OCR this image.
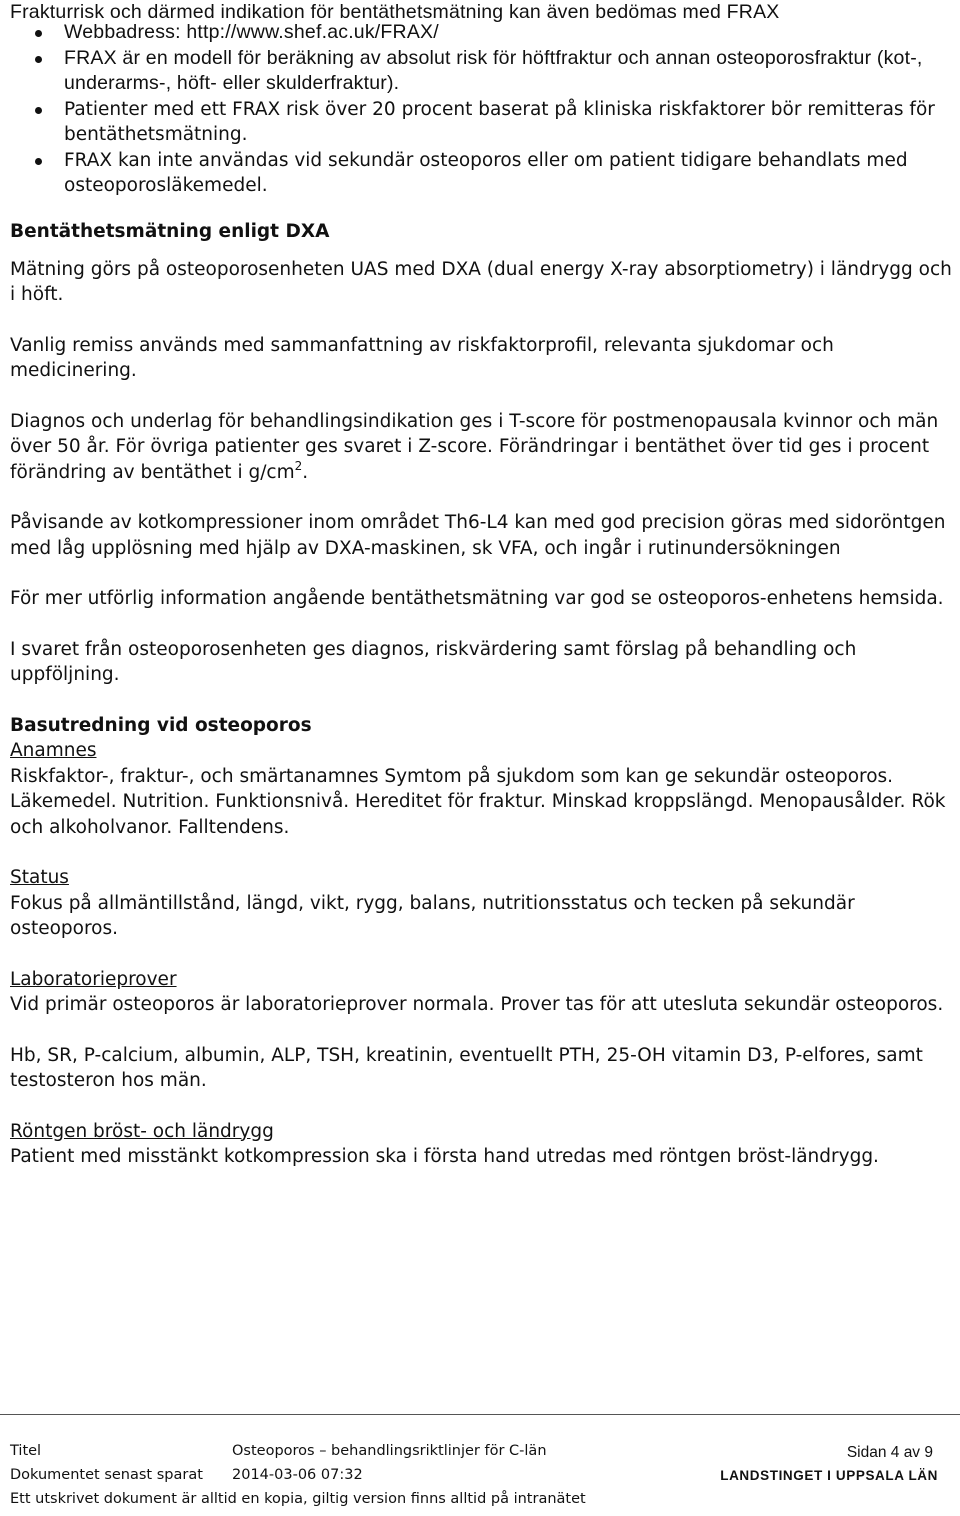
Frakturrisk och därmed indikation för bentäthetsmätning kan även bedömas med FRAX
Webbadress: http://www.shef.ac.uk/FRAX/
FRAX är en modell för beräkning av absolut risk för höftfraktur och annan osteoporosfraktur (kot-, underarms-, höft- eller skulderfraktur).
Patienter med ett FRAX risk över 20 procent baserat på kliniska riskfaktorer bör remitteras för bentäthetsmätning.
FRAX kan inte användas vid sekundär osteoporos eller om patient tidigare behandlats med osteoporosläkemedel.
Bentäthetsmätning enligt DXA

Mätning görs på osteoporosenheten UAS med DXA (dual energy X-ray absorptiometry) i ländrygg och i höft.

Vanlig remiss används med sammanfattning av riskfaktorprofil, relevanta sjukdomar och medicinering.

Diagnos och underlag för behandlingsindikation ges i T-score för postmenopausala kvinnor och män över 50 år. För övriga patienter ges svaret i Z-score. Förändringar i bentäthet över tid ges i procent förändring av bentäthet i $g/cm^2$.

Påvisande av kotkompressioner inom området Th6-L4 kan med god precision göras med sidoröntgen med låg upplösning med hjälp av DXA-maskinen, sk VFA, och ingår i rutinundersökningen

För mer utförlig information angående bentäthetsmätning var god se osteoporos-enhetens hemsida.

I svaret från osteoporosenheten ges diagnos, riskvärdering samt förslag på behandling och uppföljning.

Basutredning vid osteoporos

Anamnes
Riskfaktor-, fraktur-, och smärtanamnes Symtom på sjukdom som kan ge sekundär osteoporos. Läkemedel. Nutrition. Funktionsnivå. Hereditet för fraktur. Minskad kroppslängd. Menopausålder. Rök och alkoholvanor. Falltendens.

Status
Fokus på allmäntillstånd, längd, vikt, rygg, balans, nutritionsstatus och tecken på sekundär osteoporos.

Laboratorieprover
Vid primär osteoporos är laboratorieprover normala. Prover tas för att utesluta sekundär osteoporos.

Hb, SR, P-calcium, albumin, ALP, TSH, kreatinin, eventuellt PTH, 25-OH vitamin D3, P-elfores, samt testosteron hos män.

Röntgen bröst- och ländrygg
Patient med misstänkt kotkompression ska i första hand utredas med röntgen bröst-ländrygg.

Titel	Osteoporos – behandlingsriktlinjer för C-län
Dokumentet senast sparat 2014-03-06 07:32
Ett utskrivet dokument är alltid en kopia, giltig version finns alltid på intranätet
Sidan 4 av 9
LANDSTINGET I UPPSALA LÄN
